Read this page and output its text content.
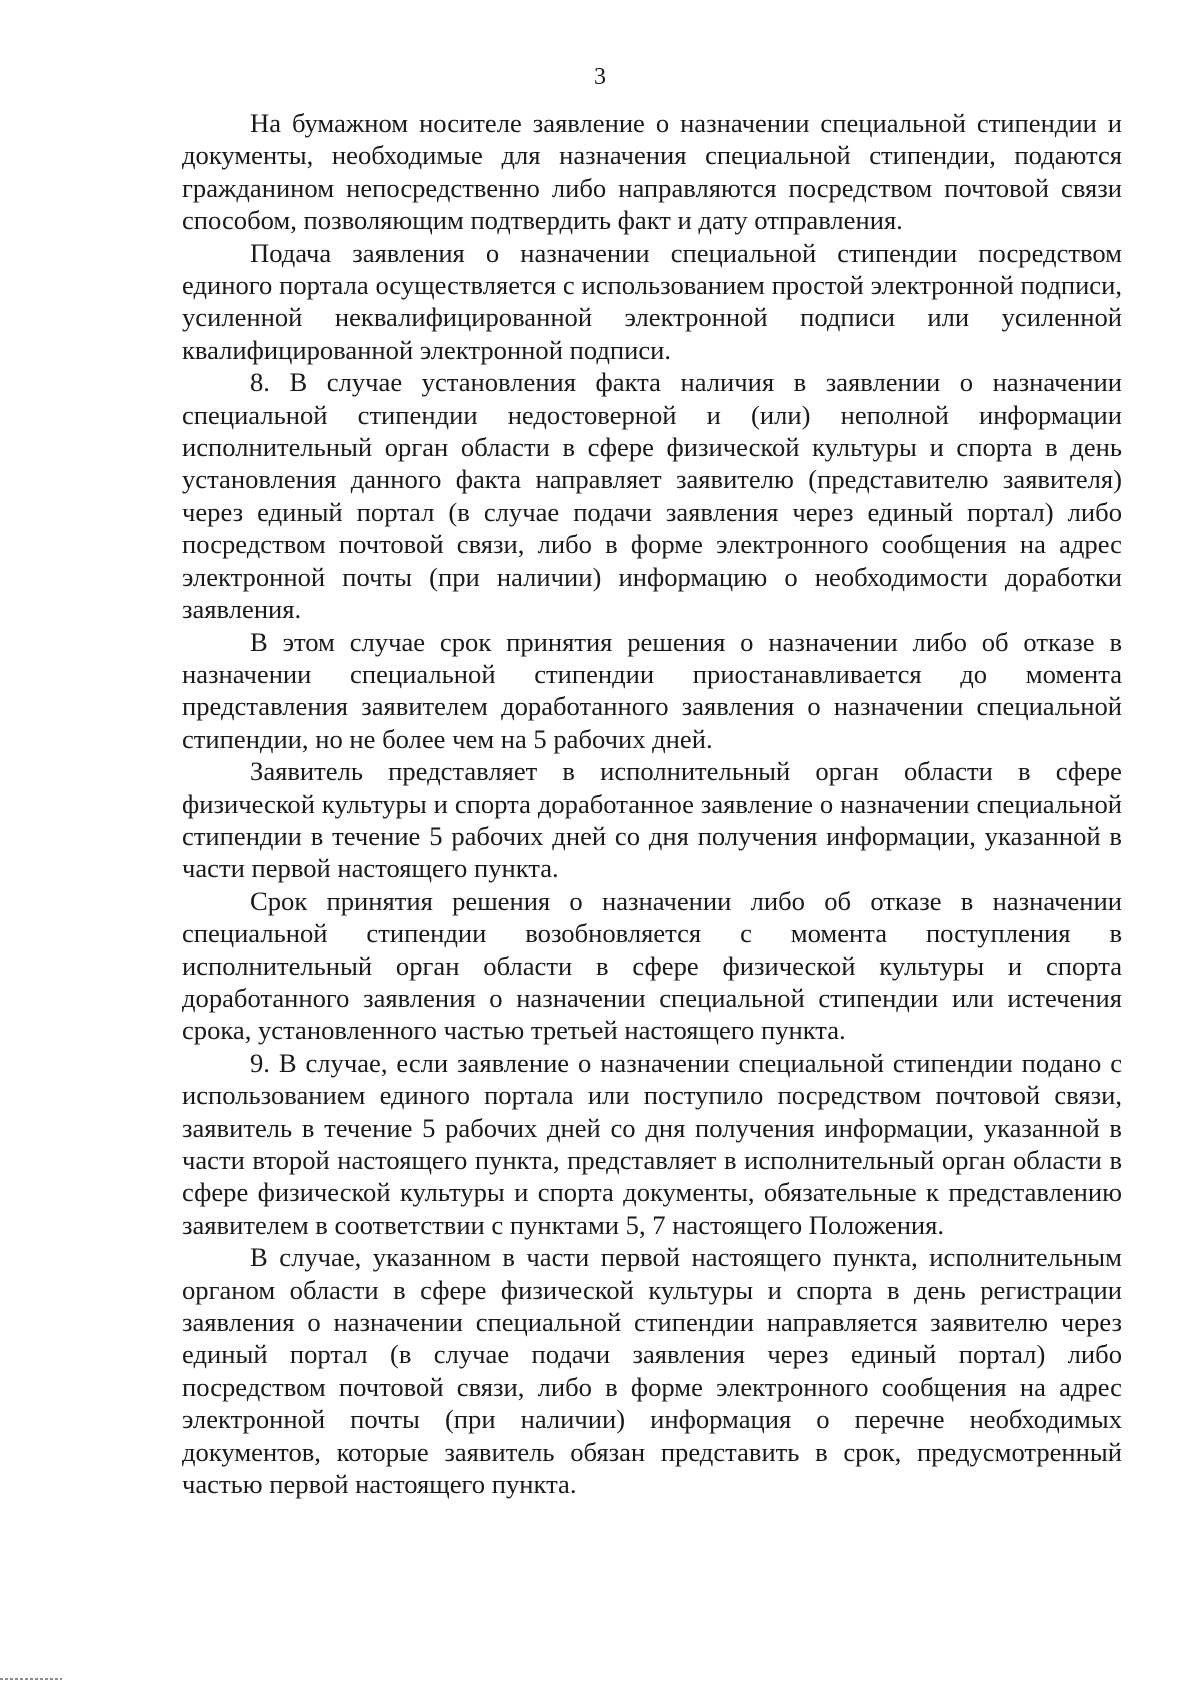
3

На бумажном носителе заявление о назначении специальной стипендии и документы, необходимые для назначения специальной стипендии, подаются гражданином непосредственно либо направляются посредством почтовой связи способом, позволяющим подтвердить факт и дату отправления.

Подача заявления о назначении специальной стипендии посредством единого портала осуществляется с использованием простой электронной подписи, усиленной неквалифицированной электронной подписи или усиленной квалифицированной электронной подписи.

8. В случае установления факта наличия в заявлении о назначении специальной стипендии недостоверной и (или) неполной информации исполнительный орган области в сфере физической культуры и спорта в день установления данного факта направляет заявителю (представителю заявителя) через единый портал (в случае подачи заявления через единый портал) либо посредством почтовой связи, либо в форме электронного сообщения на адрес электронной почты (при наличии) информацию о необходимости доработки заявления.

В этом случае срок принятия решения о назначении либо об отказе в назначении специальной стипендии приостанавливается до момента представления заявителем доработанного заявления о назначении специальной стипендии, но не более чем на 5 рабочих дней.

Заявитель представляет в исполнительный орган области в сфере физической культуры и спорта доработанное заявление о назначении специальной стипендии в течение 5 рабочих дней со дня получения информации, указанной в части первой настоящего пункта.

Срок принятия решения о назначении либо об отказе в назначении специальной стипендии возобновляется с момента поступления в исполнительный орган области в сфере физической культуры и спорта доработанного заявления о назначении специальной стипендии или истечения срока, установленного частью третьей настоящего пункта.

9. В случае, если заявление о назначении специальной стипендии подано с использованием единого портала или поступило посредством почтовой связи, заявитель в течение 5 рабочих дней со дня получения информации, указанной в части второй настоящего пункта, представляет в исполнительный орган области в сфере физической культуры и спорта документы, обязательные к представлению заявителем в соответствии с пунктами 5, 7 настоящего Положения.

В случае, указанном в части первой настоящего пункта, исполнительным органом области в сфере физической культуры и спорта в день регистрации заявления о назначении специальной стипендии направляется заявителю через единый портал (в случае подачи заявления через единый портал) либо посредством почтовой связи, либо в форме электронного сообщения на адрес электронной почты (при наличии) информация о перечне необходимых документов, которые заявитель обязан представить в срок, предусмотренный частью первой настоящего пункта.
